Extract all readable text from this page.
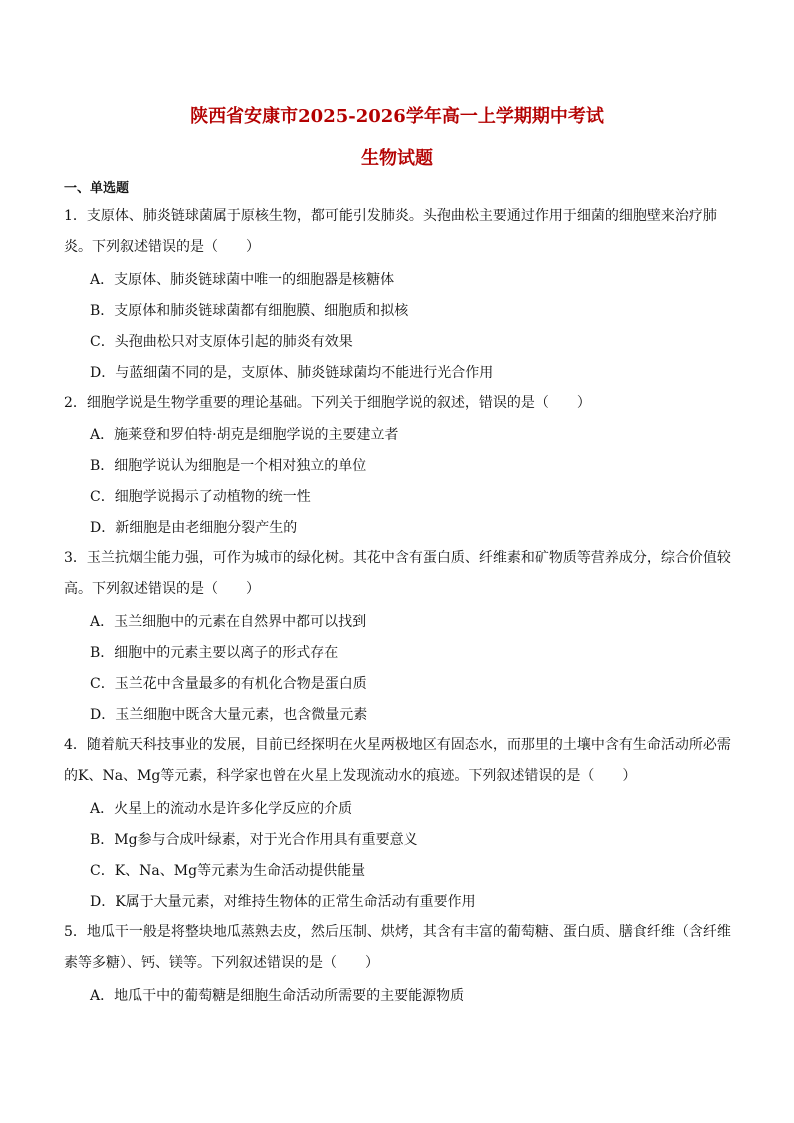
陕西省安康市2025-2026学年高一上学期期中考试
生物试题
一、单选题
1．支原体、肺炎链球菌属于原核生物，都可能引发肺炎。头孢曲松主要通过作用于细菌的细胞壁来治疗肺炎。下列叙述错误的是（　　）
A．支原体、肺炎链球菌中唯一的细胞器是核糖体
B．支原体和肺炎链球菌都有细胞膜、细胞质和拟核
C．头孢曲松只对支原体引起的肺炎有效果
D．与蓝细菌不同的是，支原体、肺炎链球菌均不能进行光合作用
2．细胞学说是生物学重要的理论基础。下列关于细胞学说的叙述，错误的是（　　）
A．施莱登和罗伯特·胡克是细胞学说的主要建立者
B．细胞学说认为细胞是一个相对独立的单位
C．细胞学说揭示了动植物的统一性
D．新细胞是由老细胞分裂产生的
3．玉兰抗烟尘能力强，可作为城市的绿化树。其花中含有蛋白质、纤维素和矿物质等营养成分，综合价值较高。下列叙述错误的是（　　）
A．玉兰细胞中的元素在自然界中都可以找到
B．细胞中的元素主要以离子的形式存在
C．玉兰花中含量最多的有机化合物是蛋白质
D．玉兰细胞中既含大量元素，也含微量元素
4．随着航天科技事业的发展，目前已经探明在火星两极地区有固态水，而那里的土壤中含有生命活动所必需的K、Na、Mg等元素，科学家也曾在火星上发现流动水的痕迹。下列叙述错误的是（　　）
A．火星上的流动水是许多化学反应的介质
B．Mg参与合成叶绿素，对于光合作用具有重要意义
C．K、Na、Mg等元素为生命活动提供能量
D．K属于大量元素，对维持生物体的正常生命活动有重要作用
5．地瓜干一般是将整块地瓜蒸熟去皮，然后压制、烘烤，其含有丰富的葡萄糖、蛋白质、膳食纤维（含纤维素等多糖）、钙、镁等。下列叙述错误的是（　　）
A．地瓜干中的葡萄糖是细胞生命活动所需要的主要能源物质
